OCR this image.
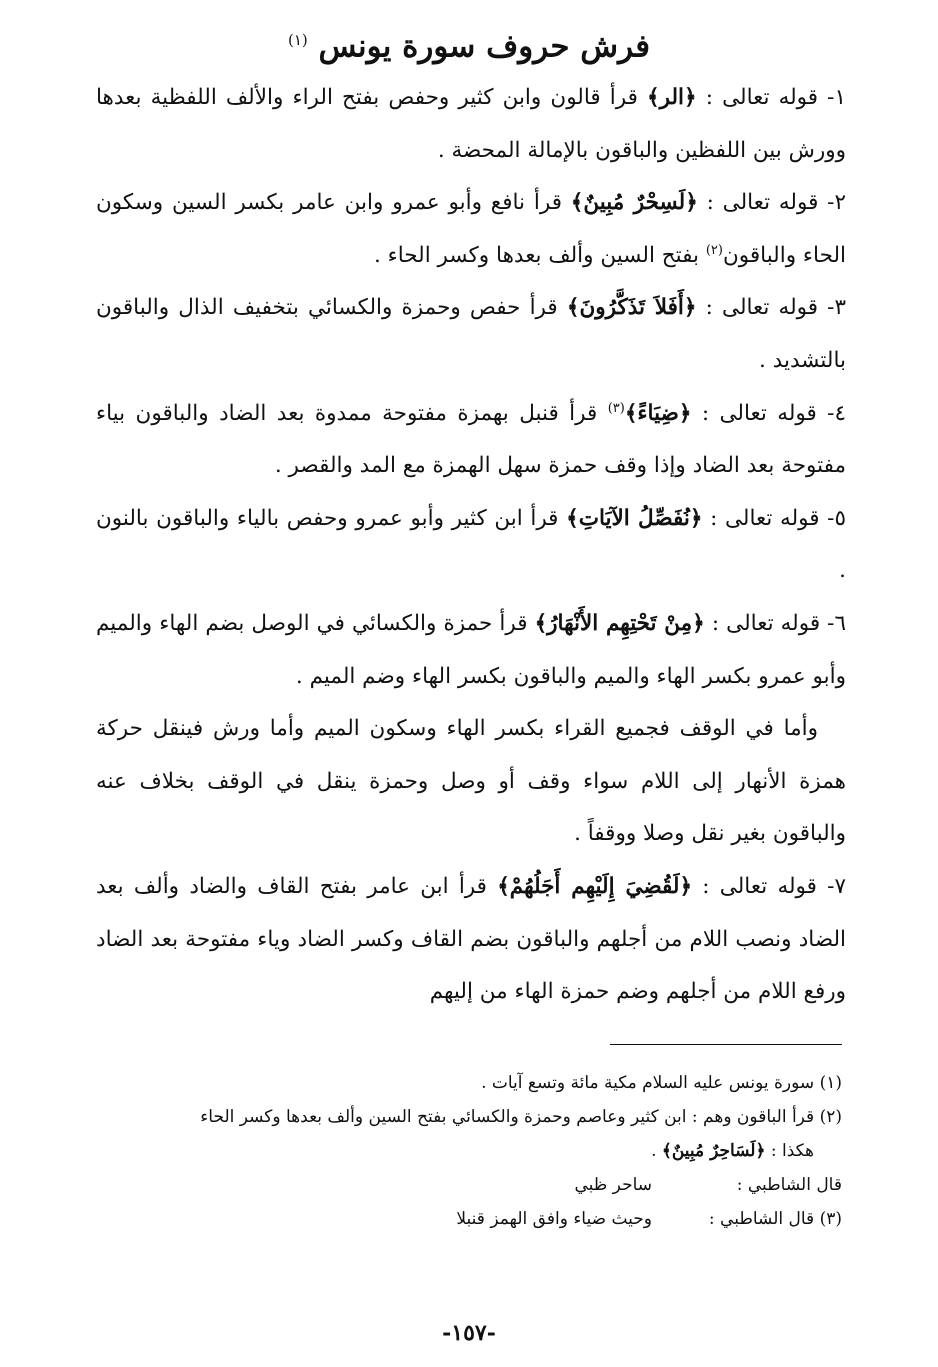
فرش حروف سورة يونس $^{(١)}$

١- قوله تعالى : ﴿الر﴾ قرأ قالون وابن كثير وحفص بفتح الراء والألف اللفظية بعدها وورش بين اللفظين والباقون بالإمالة المحضة .

٢- قوله تعالى : ﴿لَسِحْرٌ مُبِينٌ﴾ قرأ نافع وأبو عمرو وابن عامر بكسر السين وسكون الحاء والباقون$^{(٢)}$ بفتح السين وألف بعدها وكسر الحاء .

٣- قوله تعالى : ﴿أَفَلاَ تَذَكَّرُونَ﴾ قرأ حفص وحمزة والكسائي بتخفيف الذال والباقون بالتشديد .

٤- قوله تعالى : ﴿ضِيَاءً﴾$^{(٣)}$ قرأ قنبل بهمزة مفتوحة ممدوة بعد الضاد والباقون بياء مفتوحة بعد الضاد وإذا وقف حمزة سهل الهمزة مع المد والقصر .

٥- قوله تعالى : ﴿نُفَصِّلُ الآيَاتِ﴾ قرأ ابن كثير وأبو عمرو وحفص بالياء والباقون بالنون .

٦- قوله تعالى : ﴿مِنْ تَحْتِهِم الأَنْهَارُ﴾ قرأ حمزة والكسائي في الوصل بضم الهاء والميم وأبو عمرو بكسر الهاء والميم والباقون بكسر الهاء وضم الميم .

وأما في الوقف فجميع القراء بكسر الهاء وسكون الميم وأما ورش فينقل حركة همزة الأنهار إلى اللام سواء وقف أو وصل وحمزة ينقل في الوقف بخلاف عنه والباقون بغير نقل وصلا ووقفاً .

٧- قوله تعالى : ﴿لَقُضِيَ إِلَيْهِم أَجَلُهُمْ﴾ قرأ ابن عامر بفتح القاف والضاد وألف بعد الضاد ونصب اللام من أجلهم والباقون بضم القاف وكسر الضاد وياء مفتوحة بعد الضاد ورفع اللام من أجلهم وضم حمزة الهاء من إليهم

(١) سورة يونس عليه السلام مكية مائة وتسع آيات .

(٢) قرأ الباقون وهم : ابن كثير وعاصم وحمزة والكسائي بفتح السين وألف بعدها وكسر الحاء

هكذا : ﴿لَسَاحِرٌ مُبِينٌ﴾ .

قال الشاطبي :
ساحر ظبي
(٣) قال الشاطبي :
وحيث ضياء وافق الهمز قنبلا
-١٥٧-
